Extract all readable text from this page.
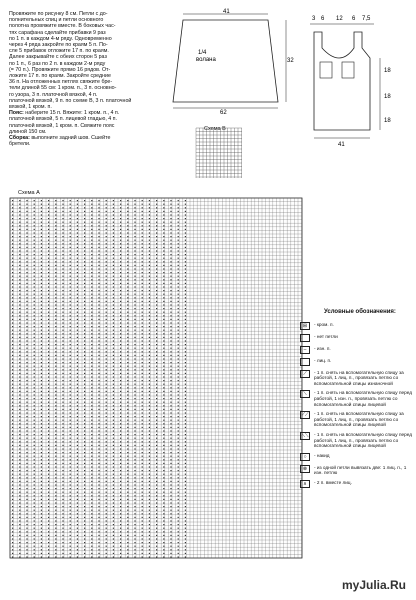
Провяжите по рисунку 8 см. Петли с до-
полнительных спиц и петли основного
полотна провяжите вместе. В боковых час-
тях сарафана сделайте прибавки 9 раз
по 1 п. в каждом 4-м ряду. Одновременно
через 4 ряда закройте по краям 5 п. По-
сле 5 прибавок отложите 17 п. по краям.
Далее закрывайте с обеих сторон 5 раз
по 1 п., 6 раз по 2 п. в каждом 2-м ряду
(= 70 п.). Провяжите прямо 16 рядов. От-
ложите 17 п. по краям. Закройте средние
36 п. На отложенных петлях свяжите бре-
тели длиной 55 см: 1 кром. п., 3 п. основно-
го узора, 3 п. платочной вязкой, 4 п.
платочной вязкой, 9 п. по схеме В, 3 п. платочной
вязкой, 1 кром. п.

Пояс: наберите 15 п. Вяжите: 1 кром. п., 4 п.
платочной вязкой, 5 п. лицевой гладью, 4 п.
платочной вязкой, 1 кром. п. Свяжите пояс
длиной 150 см.

Сборка: выполните задний шов. Сшейте
бретели.

41
32
62
1/4
волана
3 6 12 6 7,5
18
18
18
41
Схема В
Схема А
Условные обозначения:
⊞	- кром. п.
- нет петли
–	- изн. п.
- лиц. п.
⟋	- 1 п. снять на вспомогательную спицу за работой, 1 лиц. п., провязать петлю со вспомогательной спицы изнаночной
⟍	- 1 п. снять на вспомогательную спицу перед работой, 1 изн. п., провязать петлю со вспомогательной спицы лицевой
⟋⟋	- 1 п. снять на вспомогательную спицу за работой, 1 лиц. п., провязать петлю со вспомогательной спицы лицевой
⟍⟍	- 1 п. снять на вспомогательную спицу перед работой, 1 лиц. п., провязать петлю со вспомогательной спицы лицевой
○	- накид
⊗	- из одной петли вывязать две: 1 лиц. п., 1 изн. петлю
∧	- 2 п. вместе лиц.
myJulia.Ru
